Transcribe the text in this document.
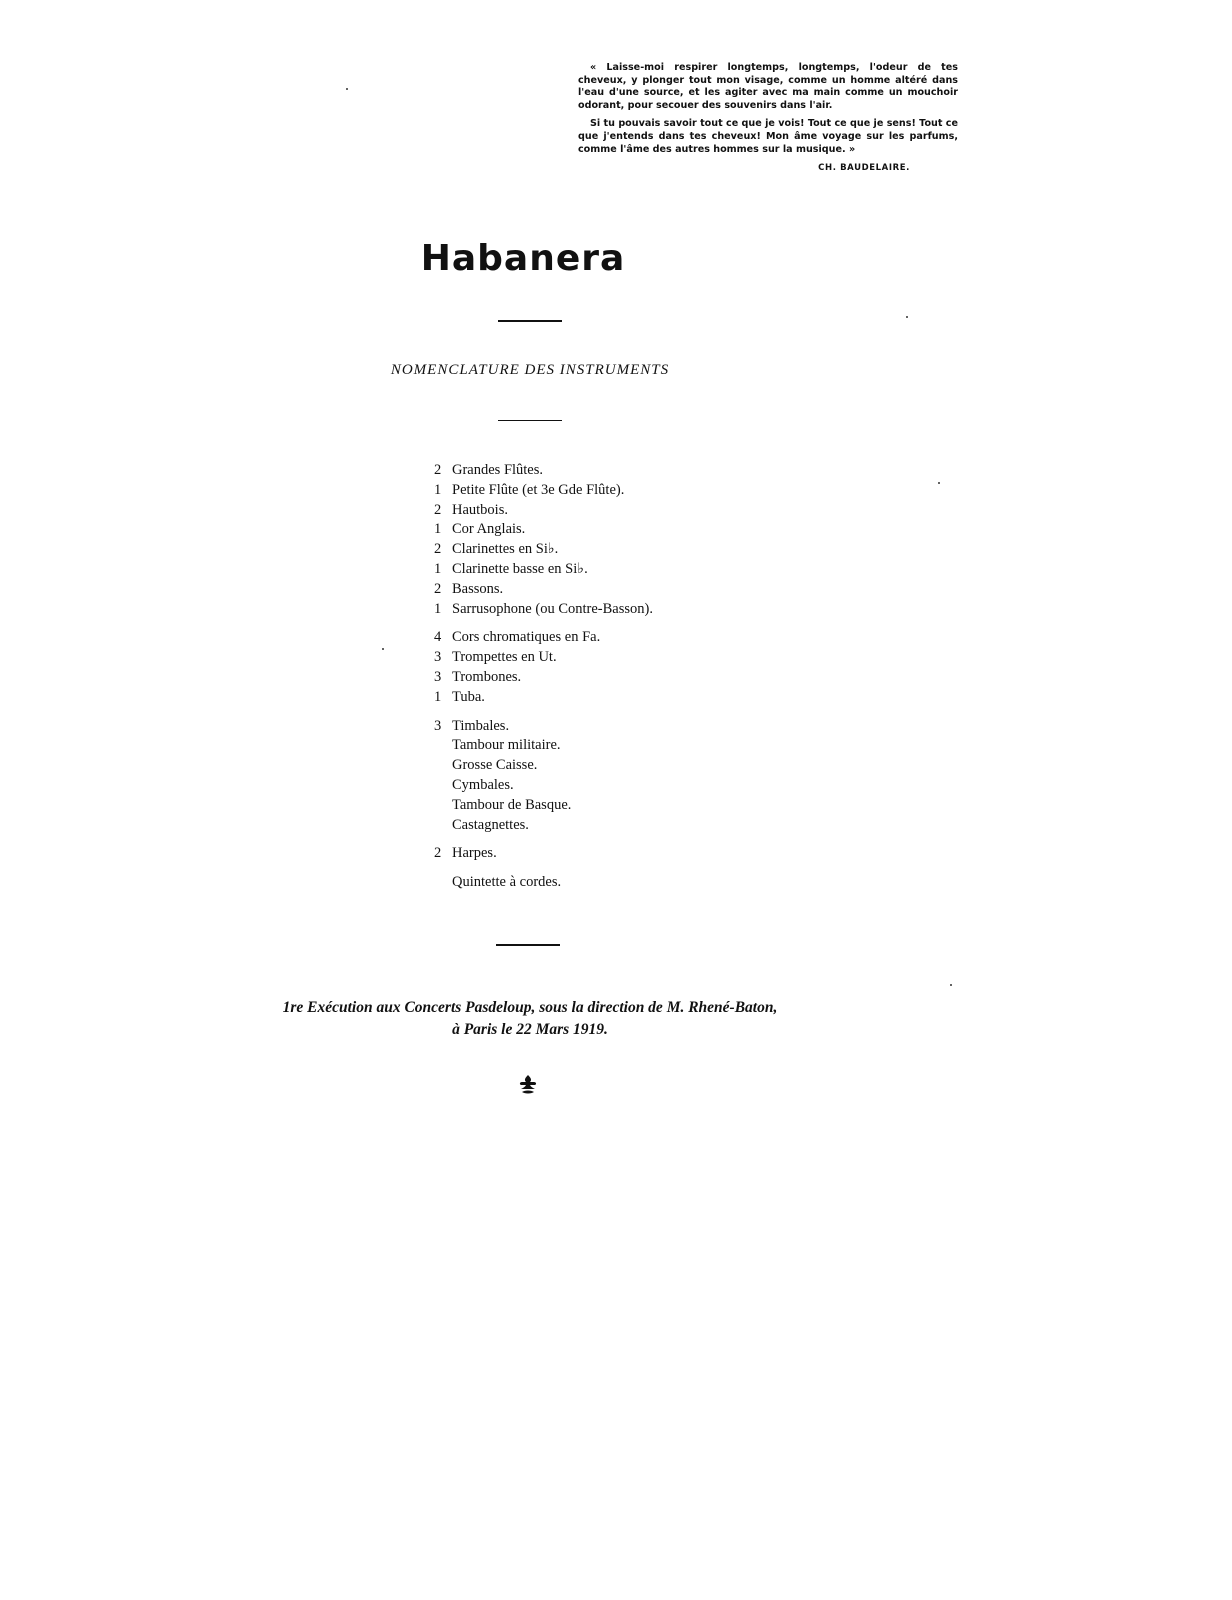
« Laisse-moi respirer longtemps, longtemps, l'odeur de tes cheveux, y plonger tout mon visage, comme un homme altéré dans l'eau d'une source, et les agiter avec ma main comme un mouchoir odorant, pour secouer des souvenirs dans l'air.

Si tu pouvais savoir tout ce que je vois! Tout ce que je sens! Tout ce que j'entends dans tes cheveux! Mon âme voyage sur les parfums, comme l'âme des autres hommes sur la musique. »

CH. BAUDELAIRE.

Habanera
NOMENCLATURE DES INSTRUMENTS
2 Grandes Flûtes.
1 Petite Flûte (et 3e Gde Flûte).
2 Hautbois.
1 Cor Anglais.
2 Clarinettes en Si♭.
1 Clarinette basse en Si♭.
2 Bassons.
1 Sarrusophone (ou Contre-Basson).
4 Cors chromatiques en Fa.
3 Trompettes en Ut.
3 Trombones.
1 Tuba.
3 Timbales.
Tambour militaire.
Grosse Caisse.
Cymbales.
Tambour de Basque.
Castagnettes.
2 Harpes.
Quintette à cordes.
1re Exécution aux Concerts Pasdeloup, sous la direction de M. Rhené-Baton,
à Paris le 22 Mars 1919.
